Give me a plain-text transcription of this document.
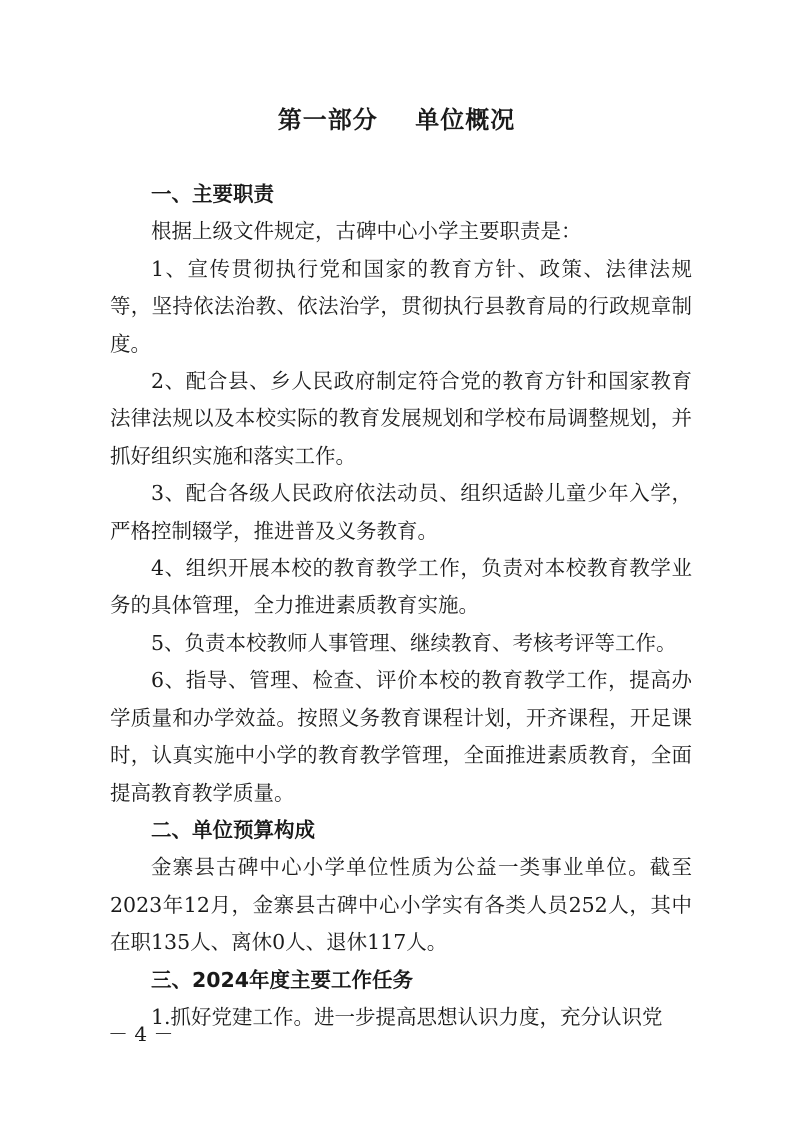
第一部分    单位概况

一、主要职责

根据上级文件规定，古碑中心小学主要职责是：

1、宣传贯彻执行党和国家的教育方针、政策、法律法规等，坚持依法治教、依法治学，贯彻执行县教育局的行政规章制度。

2、配合县、乡人民政府制定符合党的教育方针和国家教育法律法规以及本校实际的教育发展规划和学校布局调整规划，并抓好组织实施和落实工作。

3、配合各级人民政府依法动员、组织适龄儿童少年入学，严格控制辍学，推进普及义务教育。

4、组织开展本校的教育教学工作，负责对本校教育教学业务的具体管理，全力推进素质教育实施。

5、负责本校教师人事管理、继续教育、考核考评等工作。

6、指导、管理、检查、评价本校的教育教学工作，提高办学质量和办学效益。按照义务教育课程计划，开齐课程，开足课时，认真实施中小学的教育教学管理，全面推进素质教育，全面提高教育教学质量。

二、单位预算构成

金寨县古碑中心小学单位性质为公益一类事业单位。截至2023年12月，金寨县古碑中心小学实有各类人员252人，其中在职135人、离休0人、退休117人。

三、2024年度主要工作任务

1.抓好党建工作。进一步提高思想认识力度，充分认识党

－ 4 －
